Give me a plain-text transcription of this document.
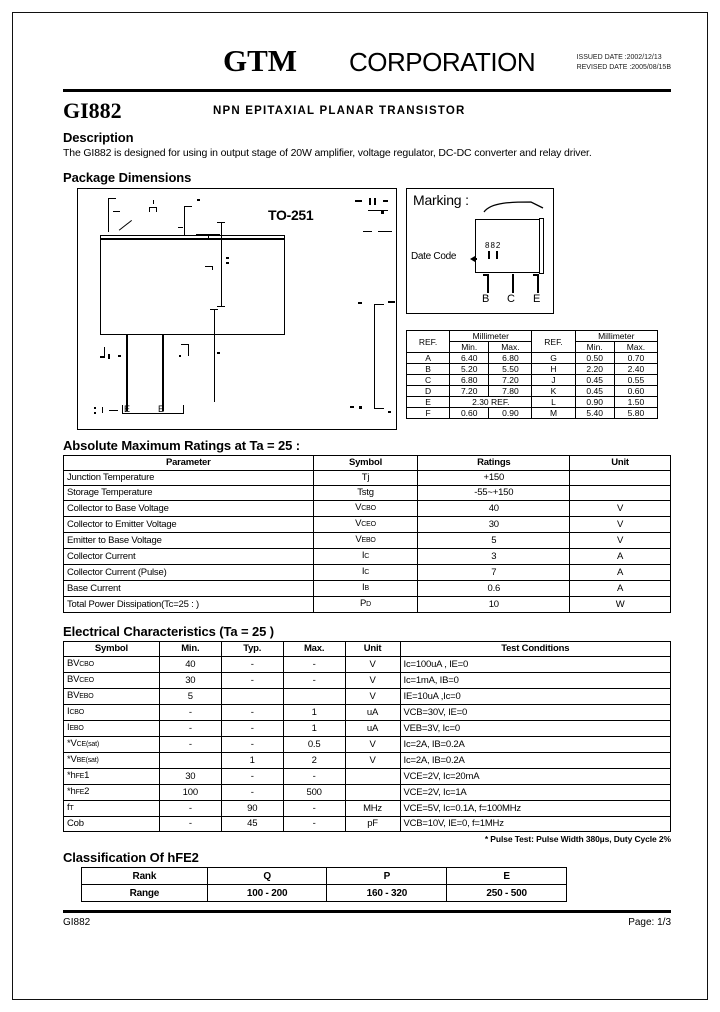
GTM CORPORATION	ISSUED DATE :2002/12/13
REVISED DATE :2005/08/15B
GI882	NPN EPITAXIAL PLANAR TRANSISTOR
Description

The GI882 is designed for using in output stage of 20W amplifier, voltage regulator, DC-DC converter and relay driver.

Package Dimensions
TO-251
E	E
Marking :
882
Date Code
B C E
REF.	Millimeter		REF.	Millimeter	
	Min.	Max.		Min.	Max.
A	6.40	6.80	G	0.50	0.70
B	5.20	5.50	H	2.20	2.40
C	6.80	7.20	J	0.45	0.55
D	7.20	7.80	K	0.45	0.60
E	2.30 REF.		L	0.90	1.50
F	0.60	0.90	M	5.40	5.80
Absolute Maximum Ratings at Ta = 25 :
Parameter	Symbol	Ratings	Unit
Junction Temperature	Tj	+150	
Storage Temperature	Tstg	-55~+150	
Collector to Base Voltage	VCBO	40	V
Collector to Emitter Voltage	VCEO	30	V
Emitter to Base Voltage	VEBO	5	V
Collector Current	IC	3	A
Collector Current (Pulse)	IC	7	A
Base Current	IB	0.6	A
Total Power Dissipation(Tc=25 : )	PD	10	W
Electrical Characteristics (Ta = 25 )
Symbol	Min.	Typ.	Max.	Unit	Test Conditions
BVCBO	40	-	-	V	Ic=100uA , IE=0
BVCEO	30	-	-	V	Ic=1mA, IB=0
BVEBO	5			V	IE=10uA ,Ic=0
ICBO	-	-	1	uA	VCB=30V, IE=0
IEBO	-	-	1	uA	VEB=3V, Ic=0
*VCE(sat)	-	-	0.5	V	Ic=2A, IB=0.2A
*VBE(sat)		1	2	V	Ic=2A, IB=0.2A
*hFE1	30	-	-		VCE=2V, Ic=20mA
*hFE2	100	-	500		VCE=2V, Ic=1A
fT	-	90	-	MHz	VCE=5V, Ic=0.1A, f=100MHz
Cob	-	45	-	pF	VCB=10V, IE=0, f=1MHz

* Pulse Test: Pulse Width 380µs, Duty Cycle 2%

Classification Of hFE2
Rank	Q	P	E
Range	100 - 200	160 - 320	250 - 500
GI882	Page: 1/3
